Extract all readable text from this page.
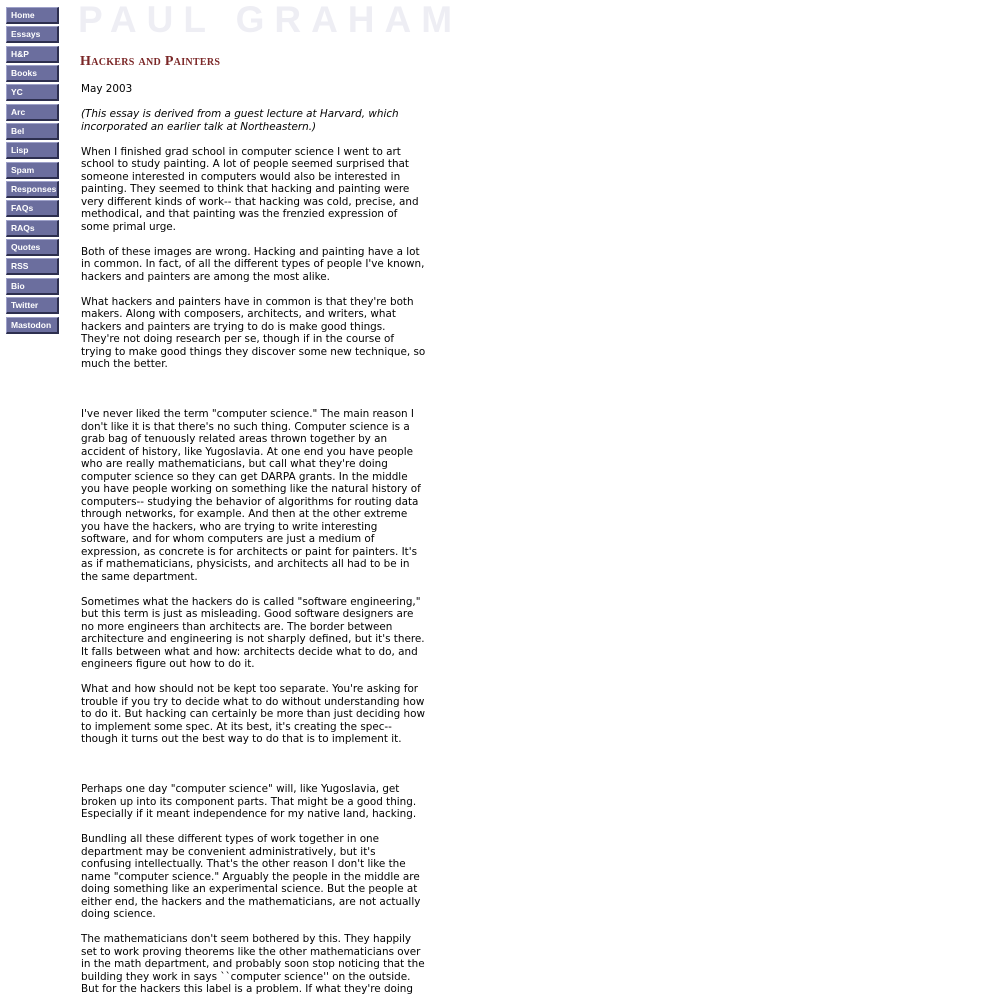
Home
Essays
H&P
Books
YC
Arc
Bel
Lisp
Spam
Responses
FAQs
RAQs
Quotes
RSS
Bio
Twitter
Mastodon
PAUL GRAHAM
Hackers and Painters

May 2003

(This essay is derived from a guest lecture at Harvard, which incorporated an earlier talk at Northeastern.)

When I finished grad school in computer science I went to art school to study painting. A lot of people seemed surprised that someone interested in computers would also be interested in painting. They seemed to think that hacking and painting were very different kinds of work-- that hacking was cold, precise, and methodical, and that painting was the frenzied expression of some primal urge.

Both of these images are wrong. Hacking and painting have a lot in common. In fact, of all the different types of people I've known, hackers and painters are among the most alike.

What hackers and painters have in common is that they're both makers. Along with composers, architects, and writers, what hackers and painters are trying to do is make good things. They're not doing research per se, though if in the course of trying to make good things they discover some new technique, so much the better.

I've never liked the term "computer science." The main reason I don't like it is that there's no such thing. Computer science is a grab bag of tenuously related areas thrown together by an accident of history, like Yugoslavia. At one end you have people who are really mathematicians, but call what they're doing computer science so they can get DARPA grants. In the middle you have people working on something like the natural history of computers-- studying the behavior of algorithms for routing data through networks, for example. And then at the other extreme you have the hackers, who are trying to write interesting software, and for whom computers are just a medium of expression, as concrete is for architects or paint for painters. It's as if mathematicians, physicists, and architects all had to be in the same department.

Sometimes what the hackers do is called "software engineering," but this term is just as misleading. Good software designers are no more engineers than architects are. The border between architecture and engineering is not sharply defined, but it's there. It falls between what and how: architects decide what to do, and engineers figure out how to do it.

What and how should not be kept too separate. You're asking for trouble if you try to decide what to do without understanding how to do it. But hacking can certainly be more than just deciding how to implement some spec. At its best, it's creating the spec-- though it turns out the best way to do that is to implement it.

Perhaps one day "computer science" will, like Yugoslavia, get broken up into its component parts. That might be a good thing. Especially if it meant independence for my native land, hacking.

Bundling all these different types of work together in one department may be convenient administratively, but it's confusing intellectually. That's the other reason I don't like the name "computer science." Arguably the people in the middle are doing something like an experimental science. But the people at either end, the hackers and the mathematicians, are not actually doing science.

The mathematicians don't seem bothered by this. They happily set to work proving theorems like the other mathematicians over in the math department, and probably soon stop noticing that the building they work in says ``computer science'' on the outside. But for the hackers this label is a problem. If what they're doing
